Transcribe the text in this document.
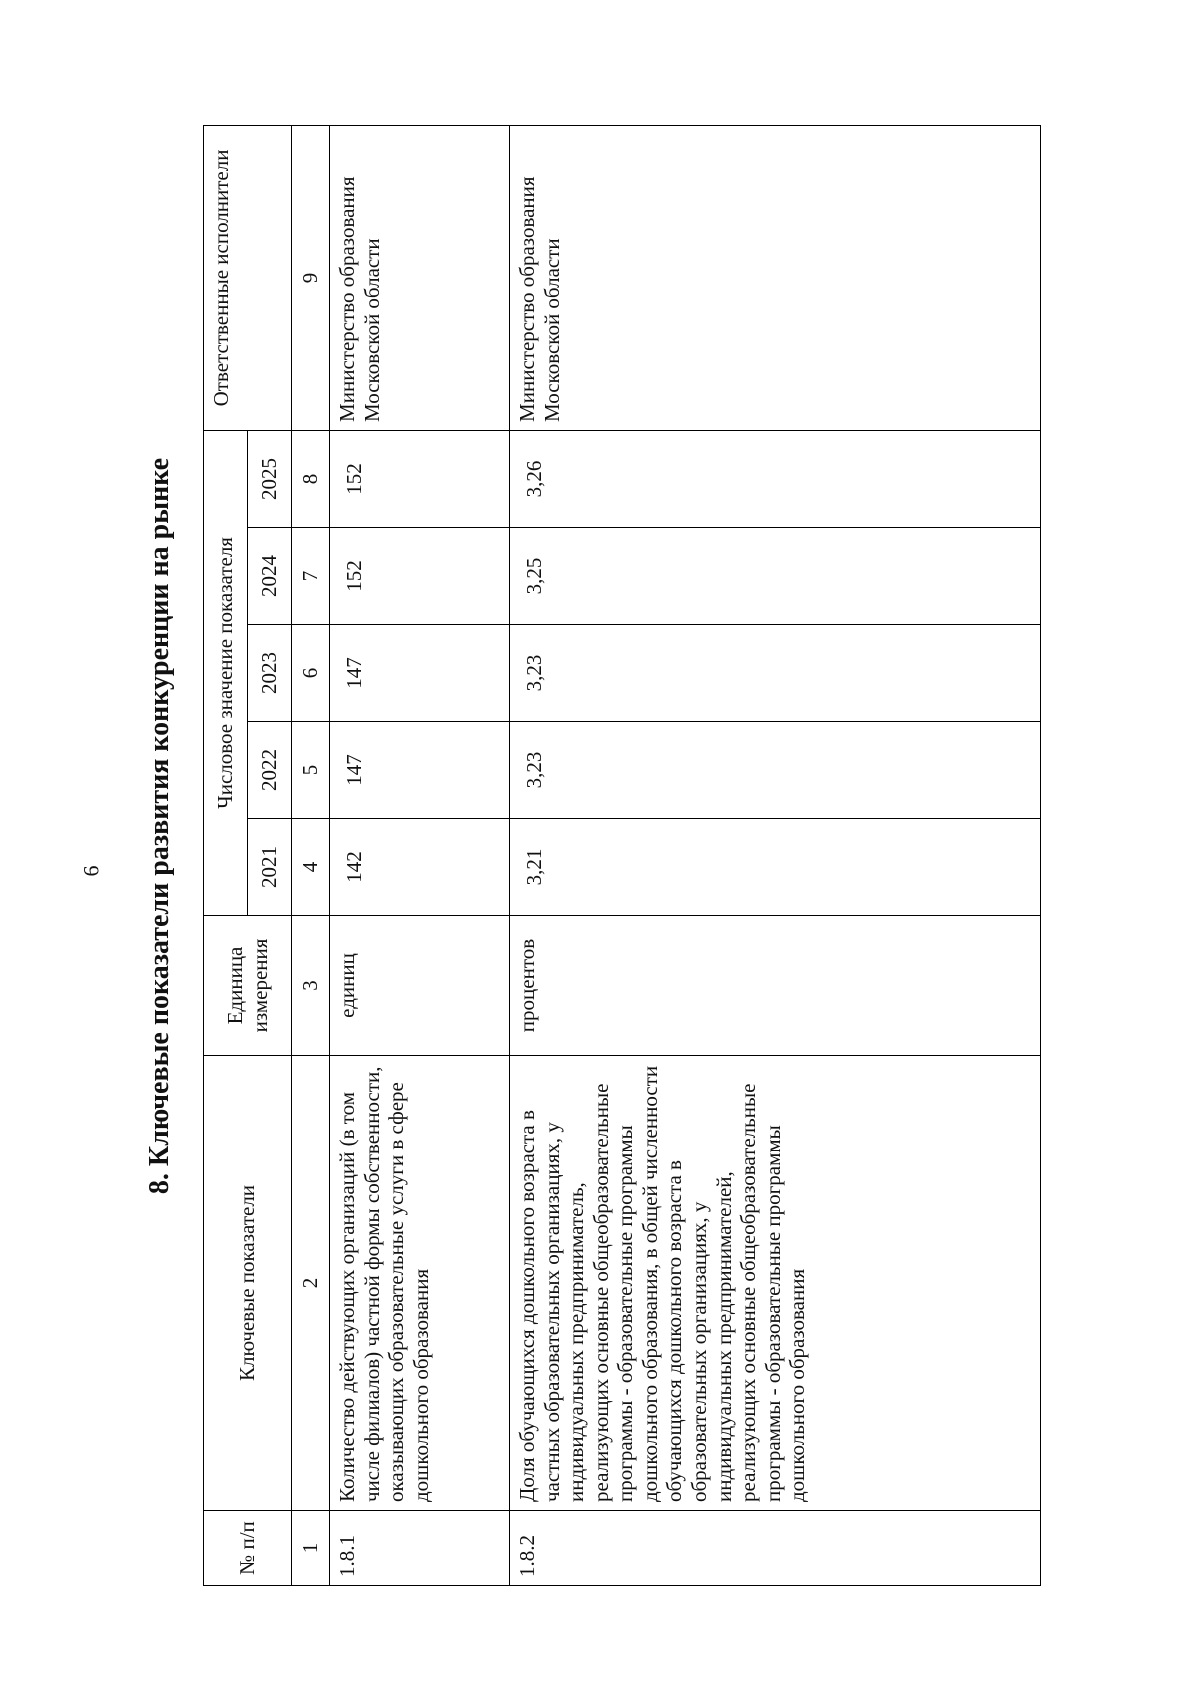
6 8. Ключевые показатели развития конкуренции на рынке
№ п/п	Ключевые показатели	Единица измерения	Числовое значение показателя					Ответственные исполнители
			2021	2022	2023	2024	2025	
1	2	3	4	5	6	7	8	9
1.8.1	Количество действующих организаций (в том числе филиалов) частной формы собственности, оказывающих образовательные услуги в сфере дошкольного образования	единиц	142	147	147	152	152	Министерство образования Московской области
1.8.2	Доля обучающихся дошкольного возраста в частных образовательных организациях, у индивидуальных предприниматель, реализующих основные общеобразовательные программы - образовательные программы дошкольного образования, в общей численности обучающихся дошкольного возраста в образовательных организациях, у индивидуальных предпринимателей, реализующих основные общеобразовательные программы - образовательные программы дошкольного образования	процентов	3,21	3,23	3,23	3,25	3,26	Министерство образования Московской области
